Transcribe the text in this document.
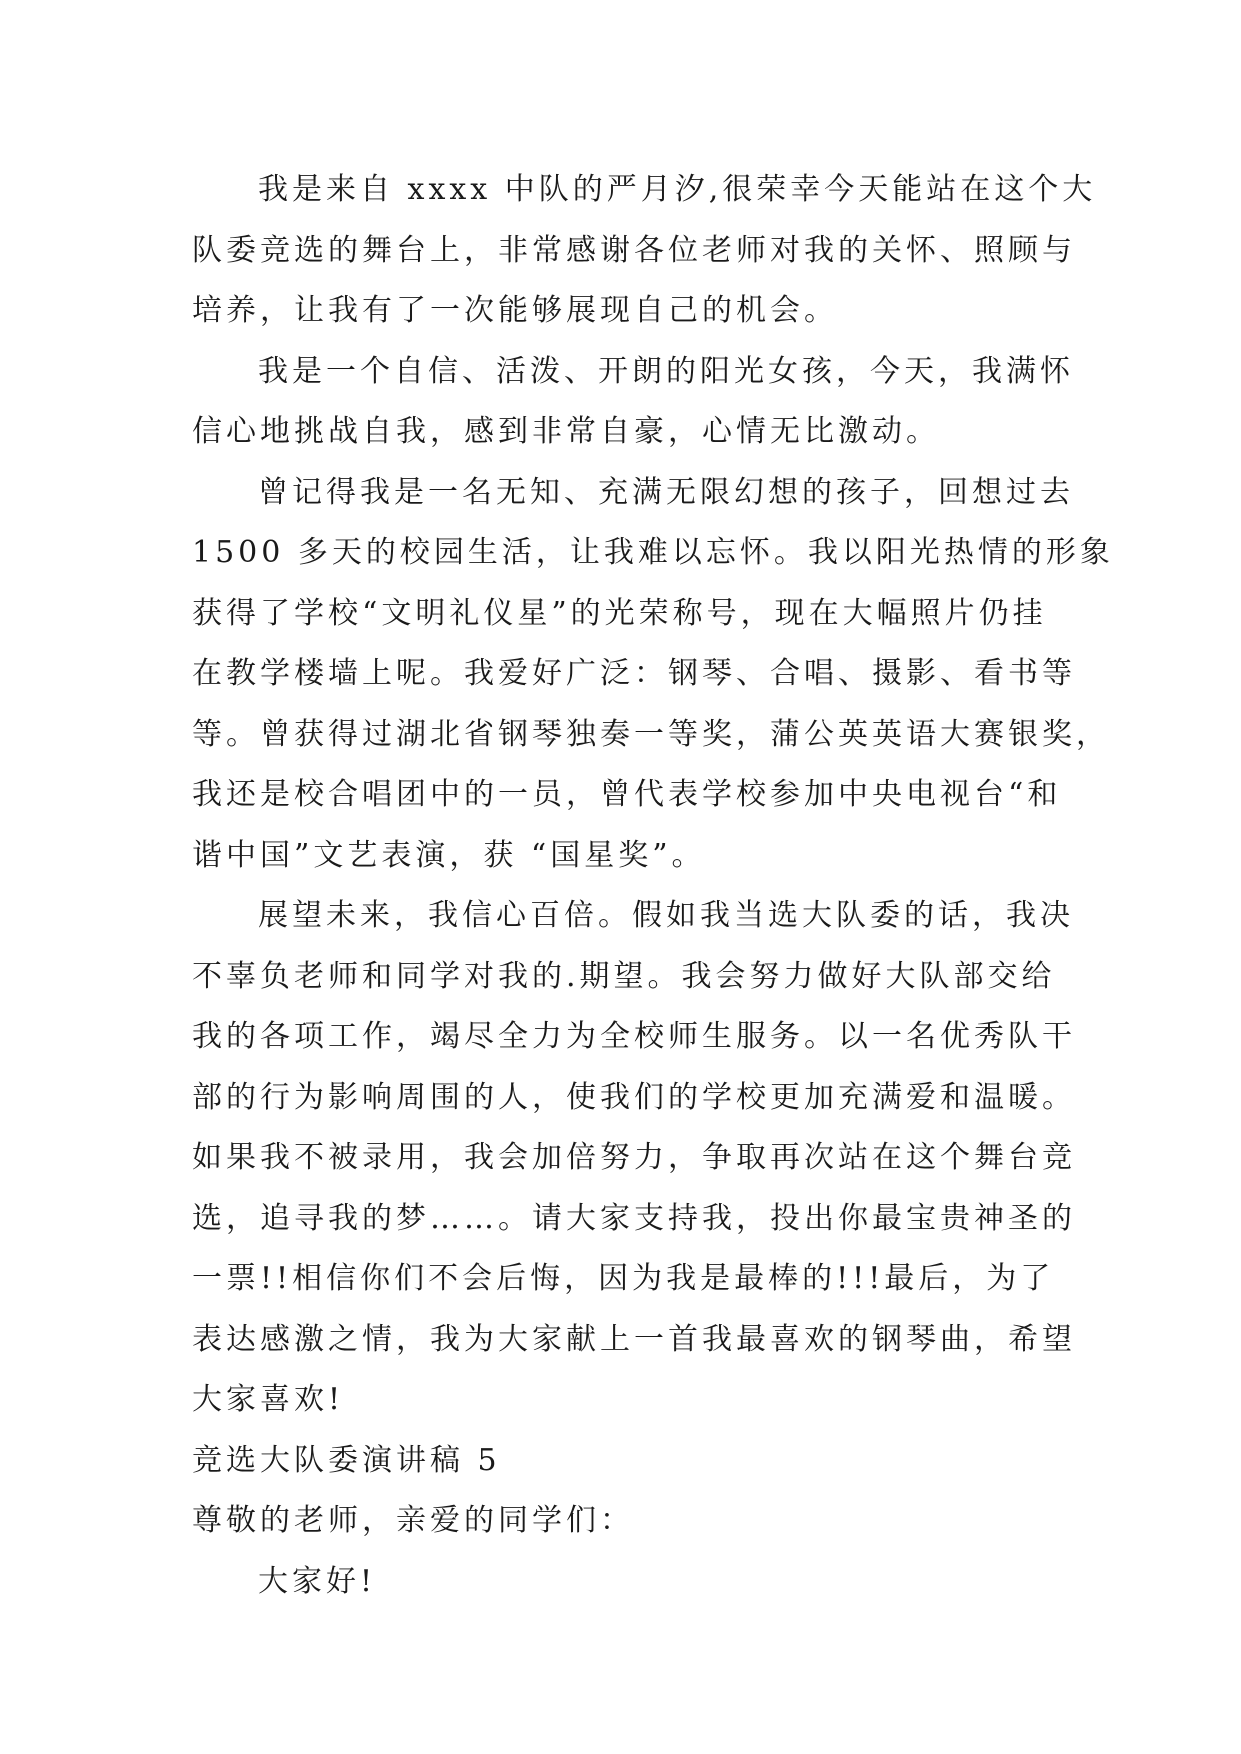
我是来自 xxxx 中队的严月汐,很荣幸今天能站在这个大
队委竞选的舞台上，非常感谢各位老师对我的关怀、照顾与
培养，让我有了一次能够展现自己的机会。
我是一个自信、活泼、开朗的阳光女孩，今天，我满怀
信心地挑战自我，感到非常自豪，心情无比激动。
曾记得我是一名无知、充满无限幻想的孩子，回想过去
1500 多天的校园生活，让我难以忘怀。我以阳光热情的形象
获得了学校“文明礼仪星”的光荣称号，现在大幅照片仍挂
在教学楼墙上呢。我爱好广泛：钢琴、合唱、摄影、看书等
等。曾获得过湖北省钢琴独奏一等奖，蒲公英英语大赛银奖，
我还是校合唱团中的一员，曾代表学校参加中央电视台“和
谐中国”文艺表演，获 “国星奖”。
展望未来，我信心百倍。假如我当选大队委的话，我决
不辜负老师和同学对我的.期望。我会努力做好大队部交给
我的各项工作，竭尽全力为全校师生服务。以一名优秀队干
部的行为影响周围的人，使我们的学校更加充满爱和温暖。
如果我不被录用，我会加倍努力，争取再次站在这个舞台竞
选，追寻我的梦……。请大家支持我，投出你最宝贵神圣的
一票!!相信你们不会后悔，因为我是最棒的!!!最后，为了
表达感激之情，我为大家献上一首我最喜欢的钢琴曲，希望
大家喜欢!
竞选大队委演讲稿 5
尊敬的老师，亲爱的同学们：
大家好!
